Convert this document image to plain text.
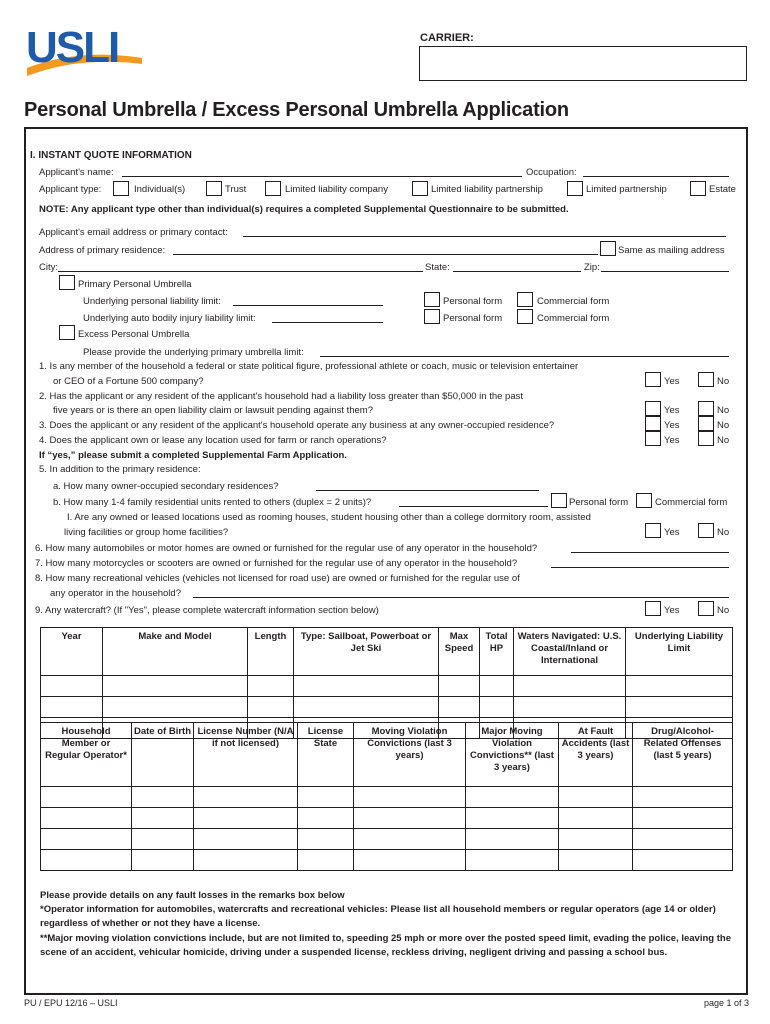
USLI	CARRIER:
Personal Umbrella / Excess Personal Umbrella Application
I. INSTANT QUOTE INFORMATION
Applicant's name:	Occupation:
Applicant type:	Individual(s)	Trust	Limited liability company	Limited liability partnership	Limited partnership	Estate
NOTE: Any applicant type other than individual(s) requires a completed Supplemental Questionnaire to be submitted.
Applicant's email address or primary contact:
Address of primary residence:	Same as mailing address
City:	State:	Zip:
Primary Personal Umbrella
Underlying personal liability limit:	Personal form	Commercial form
Underlying auto bodily injury liability limit:	Personal form	Commercial form
Excess Personal Umbrella
Please provide the underlying primary umbrella limit:
1. Is any member of the household a federal or state political figure, professional athlete or coach, music or television entertainer
or CEO of a Fortune 500 company?	Yes	No
2. Has the applicant or any resident of the applicant's household had a liability loss greater than $50,000 in the past
five years or is there an open liability claim or lawsuit pending against them?	Yes	No
3. Does the applicant or any resident of the applicant's household operate any business at any owner-occupied residence?	Yes	No
4. Does the applicant own or lease any location used for farm or ranch operations?	Yes	No
If “yes,” please submit a completed Supplemental Farm Application.
5. In addition to the primary residence:
a. How many owner-occupied secondary residences?
b. How many 1-4 family residential units rented to others (duplex = 2 units)?	Personal form	Commercial form
I. Are any owned or leased locations used as rooming houses, student housing other than a college dormitory room, assisted
living facilities or group home facilities?	Yes	No
6. How many automobiles or motor homes are owned or furnished for the regular use of any operator in the household?
7. How many motorcycles or scooters are owned or furnished for the regular use of any operator in the household?
8. How many recreational vehicles (vehicles not licensed for road use) are owned or furnished for the regular use of
any operator in the household?
9. Any watercraft? (If "Yes", please complete watercraft information section below)	Yes	No
Year	Make and Model	Length	Type: Sailboat, Powerboat or Jet Ski	Max Speed	Total HP	Waters Navigated: U.S. Coastal/Inland or International	Underlying Liability Limit

Household Member or Regular Operator*	Date of Birth	License Number (N/A if not licensed)	License State	Moving Violation Convictions (last 3 years)	Major Moving Violation Convictions** (last 3 years)	At Fault Accidents (last 3 years)	Drug/Alcohol-Related Offenses (last 5 years)

Please provide details on any fault losses in the remarks box below
*Operator information for automobiles, watercrafts and recreational vehicles: Please list all household members or regular operators (age 14 or older) regardless of whether or not they have a license.
**Major moving violation convictions include, but are not limited to, speeding 25 mph or more over the posted speed limit, evading the police, leaving the scene of an accident, vehicular homicide, driving under a suspended license, reckless driving, negligent driving and passing a school bus.
PU / EPU 12/16 – USLI	page 1 of 3
